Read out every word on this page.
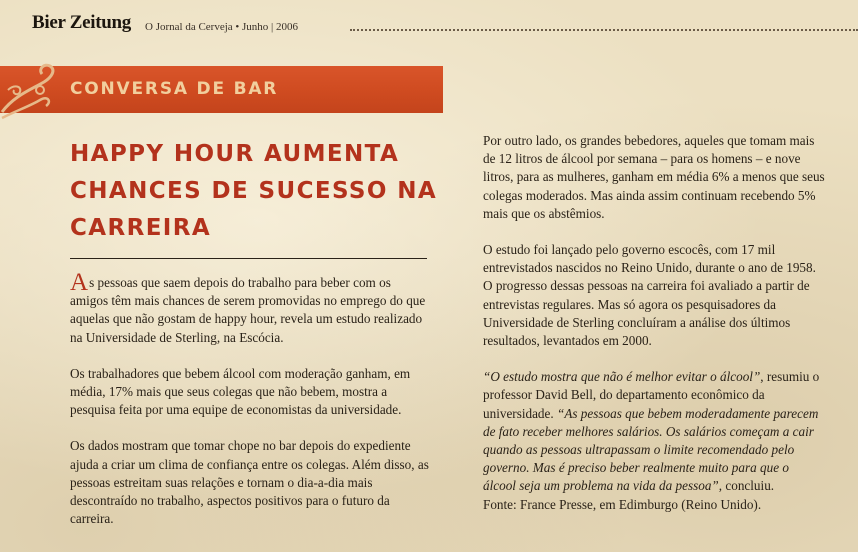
Bier Zeitung O Jornal da Cerveja • Junho | 2006
CONVERSA DE BAR
HAPPY HOUR AUMENTA
CHANCES DE SUCESSO NA
CARREIRA

As pessoas que saem depois do trabalho para beber com os amigos têm mais chances de serem promovidas no emprego do que aquelas que não gostam de happy hour, revela um estudo realizado na Universidade de Sterling, na Escócia.

Os trabalhadores que bebem álcool com moderação ganham, em média, 17% mais que seus colegas que não bebem, mostra a pesquisa feita por uma equipe de economistas da universidade.

Os dados mostram que tomar chope no bar depois do expediente ajuda a criar um clima de confiança entre os colegas. Além disso, as pessoas estreitam suas relações e tornam o dia-a-dia mais descontraído no trabalho, aspectos positivos para o futuro da carreira.

Por outro lado, os grandes bebedores, aqueles que tomam mais de 12 litros de álcool por semana – para os homens – e nove litros, para as mulheres, ganham em média 6% a menos que seus colegas moderados. Mas ainda assim continuam recebendo 5% mais que os abstêmios.

O estudo foi lançado pelo governo escocês, com 17 mil entrevistados nascidos no Reino Unido, durante o ano de 1958. O progresso dessas pessoas na carreira foi avaliado a partir de entrevistas regulares. Mas só agora os pesquisadores da Universidade de Sterling concluíram a análise dos últimos resultados, levantados em 2000.

“O estudo mostra que não é melhor evitar o álcool”, resumiu o professor David Bell, do departamento econômico da universidade. “As pessoas que bebem moderadamente parecem de fato receber melhores salários. Os salários começam a cair quando as pessoas ultrapassam o limite recomendado pelo governo. Mas é preciso beber realmente muito para que o álcool seja um problema na vida da pessoa”, concluiu.

Fonte: France Presse, em Edimburgo (Reino Unido).
